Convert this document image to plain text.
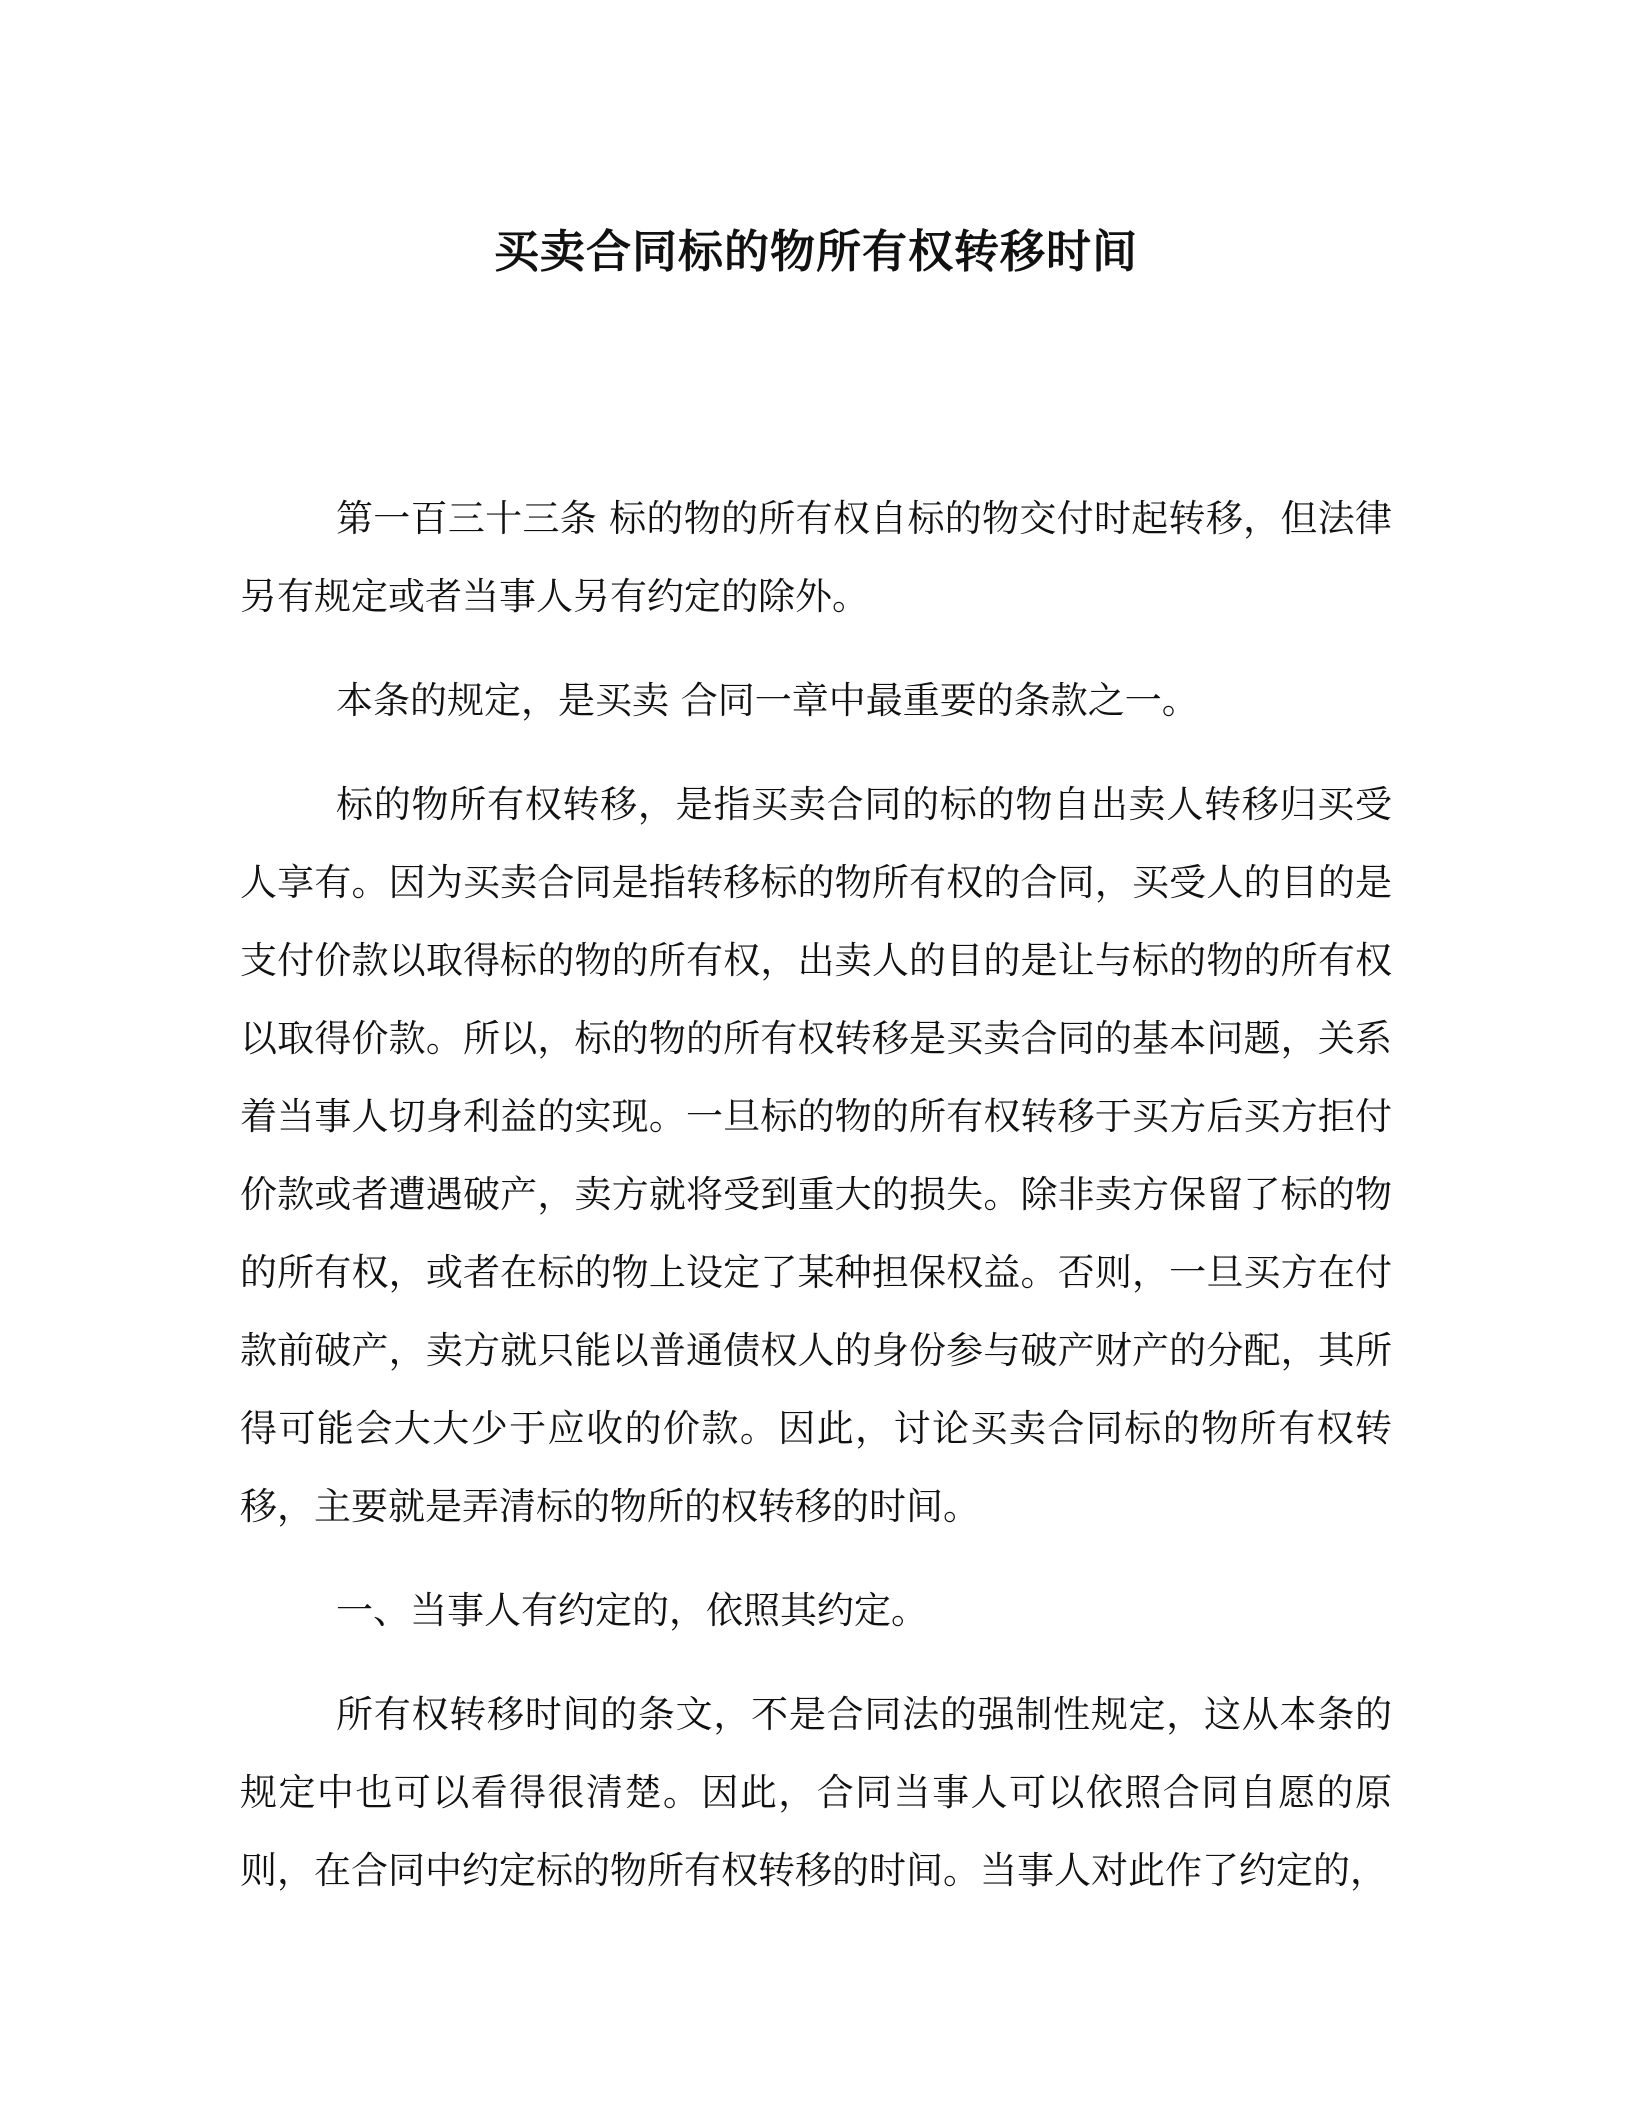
买卖合同标的物所有权转移时间

第一百三十三条 标的物的所有权自标的物交付时起转移，但法律另有规定或者当事人另有约定的除外。

本条的规定，是买卖 合同一章中最重要的条款之一。

标的物所有权转移，是指买卖合同的标的物自出卖人转移归买受人享有。因为买卖合同是指转移标的物所有权的合同，买受人的目的是支付价款以取得标的物的所有权，出卖人的目的是让与标的物的所有权以取得价款。所以，标的物的所有权转移是买卖合同的基本问题，关系着当事人切身利益的实现。一旦标的物的所有权转移于买方后买方拒付价款或者遭遇破产，卖方就将受到重大的损失。除非卖方保留了标的物的所有权，或者在标的物上设定了某种担保权益。否则，一旦买方在付款前破产，卖方就只能以普通债权人的身份参与破产财产的分配，其所得可能会大大少于应收的价款。因此，讨论买卖合同标的物所有权转移，主要就是弄清标的物所的权转移的时间。

一、当事人有约定的，依照其约定。

所有权转移时间的条文，不是合同法的强制性规定，这从本条的规定中也可以看得很清楚。因此，合同当事人可以依照合同自愿的原则，在合同中约定标的物所有权转移的时间。当事人对此作了约定的，
